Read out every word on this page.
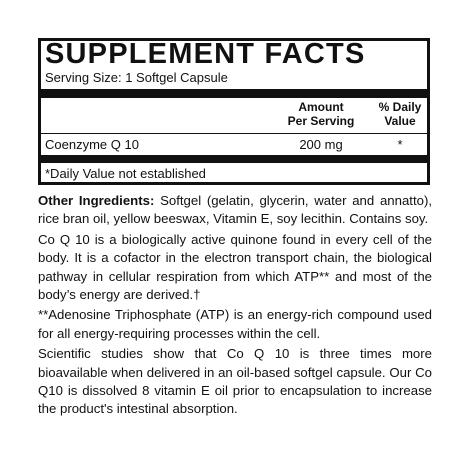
SUPPLEMENT FACTS
Serving Size: 1 Softgel Capsule
Amount
Per Serving
% Daily
Value
Coenzyme Q 10	200 mg	*
*Daily Value not established

Other Ingredients: Softgel (gelatin, glycerin, water and annatto), rice bran oil, yellow beeswax, Vitamin E, soy lecithin. Contains soy.

Co Q 10 is a biologically active quinone found in every cell of the body. It is a cofactor in the electron transport chain, the biological pathway in cellular respiration from which ATP** and most of the body’s energy are derived.†

**Adenosine Triphosphate (ATP) is an energy-rich compound used for all energy-requiring processes within the cell.

Scientific studies show that Co Q 10 is three times more bioavailable when delivered in an oil-based softgel capsule. Our Co Q10 is dissolved 8 vitamin E oil prior to encapsulation to increase the product's intestinal absorption.
